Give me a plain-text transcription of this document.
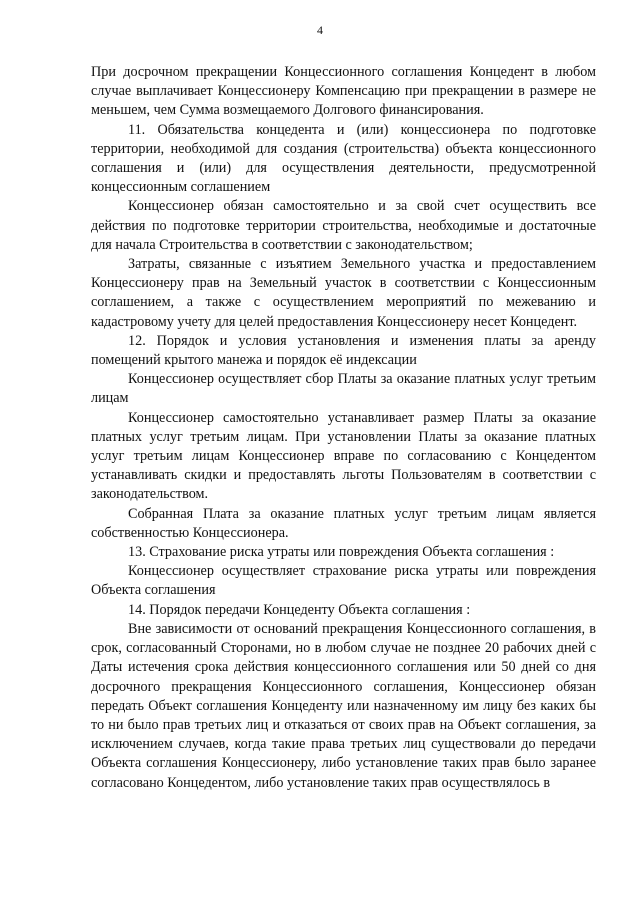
4

При досрочном прекращении Концессионного соглашения Концедент в любом случае выплачивает Концессионеру Компенсацию при прекращении в размере не меньшем, чем Сумма возмещаемого Долгового финансирования.

11. Обязательства концедента и (или) концессионера по подготовке территории, необходимой для создания (строительства) объекта концессионного соглашения и (или) для осуществления деятельности, предусмотренной концессионным соглашением

Концессионер обязан самостоятельно и за свой счет осуществить все действия по подготовке территории строительства, необходимые и достаточные для начала Строительства в соответствии с законодательством;

Затраты, связанные с изъятием Земельного участка и предоставлением Концессионеру прав на Земельный участок в соответствии с Концессионным соглашением, а также с осуществлением мероприятий по межеванию и кадастровому учету для целей предоставления Концессионеру несет Концедент.

12. Порядок и условия установления и изменения платы за аренду помещений крытого манежа и порядок её индексации

Концессионер осуществляет сбор Платы за оказание платных услуг третьим лицам

Концессионер самостоятельно устанавливает размер Платы за оказание платных услуг третьим лицам. При установлении Платы за оказание платных услуг третьим лицам Концессионер вправе по согласованию с Концедентом устанавливать скидки и предоставлять льготы Пользователям в соответствии с законодательством.

Собранная Плата за оказание платных услуг третьим лицам является собственностью Концессионера.

13. Страхование риска утраты или повреждения Объекта соглашения :

Концессионер осуществляет страхование риска утраты или повреждения Объекта соглашения

14. Порядок передачи Концеденту Объекта соглашения :

Вне зависимости от оснований прекращения Концессионного соглашения, в срок, согласованный Сторонами, но в любом случае не позднее 20 рабочих дней с Даты истечения срока действия концессионного соглашения или 50 дней со дня досрочного прекращения Концессионного соглашения, Концессионер обязан передать Объект соглашения Концеденту или назначенному им лицу без каких бы то ни было прав третьих лиц и отказаться от своих прав на Объект соглашения, за исключением случаев, когда такие права третьих лиц существовали до передачи Объекта соглашения Концессионеру, либо установление таких прав было заранее согласовано Концедентом, либо установление таких прав осуществлялось в
